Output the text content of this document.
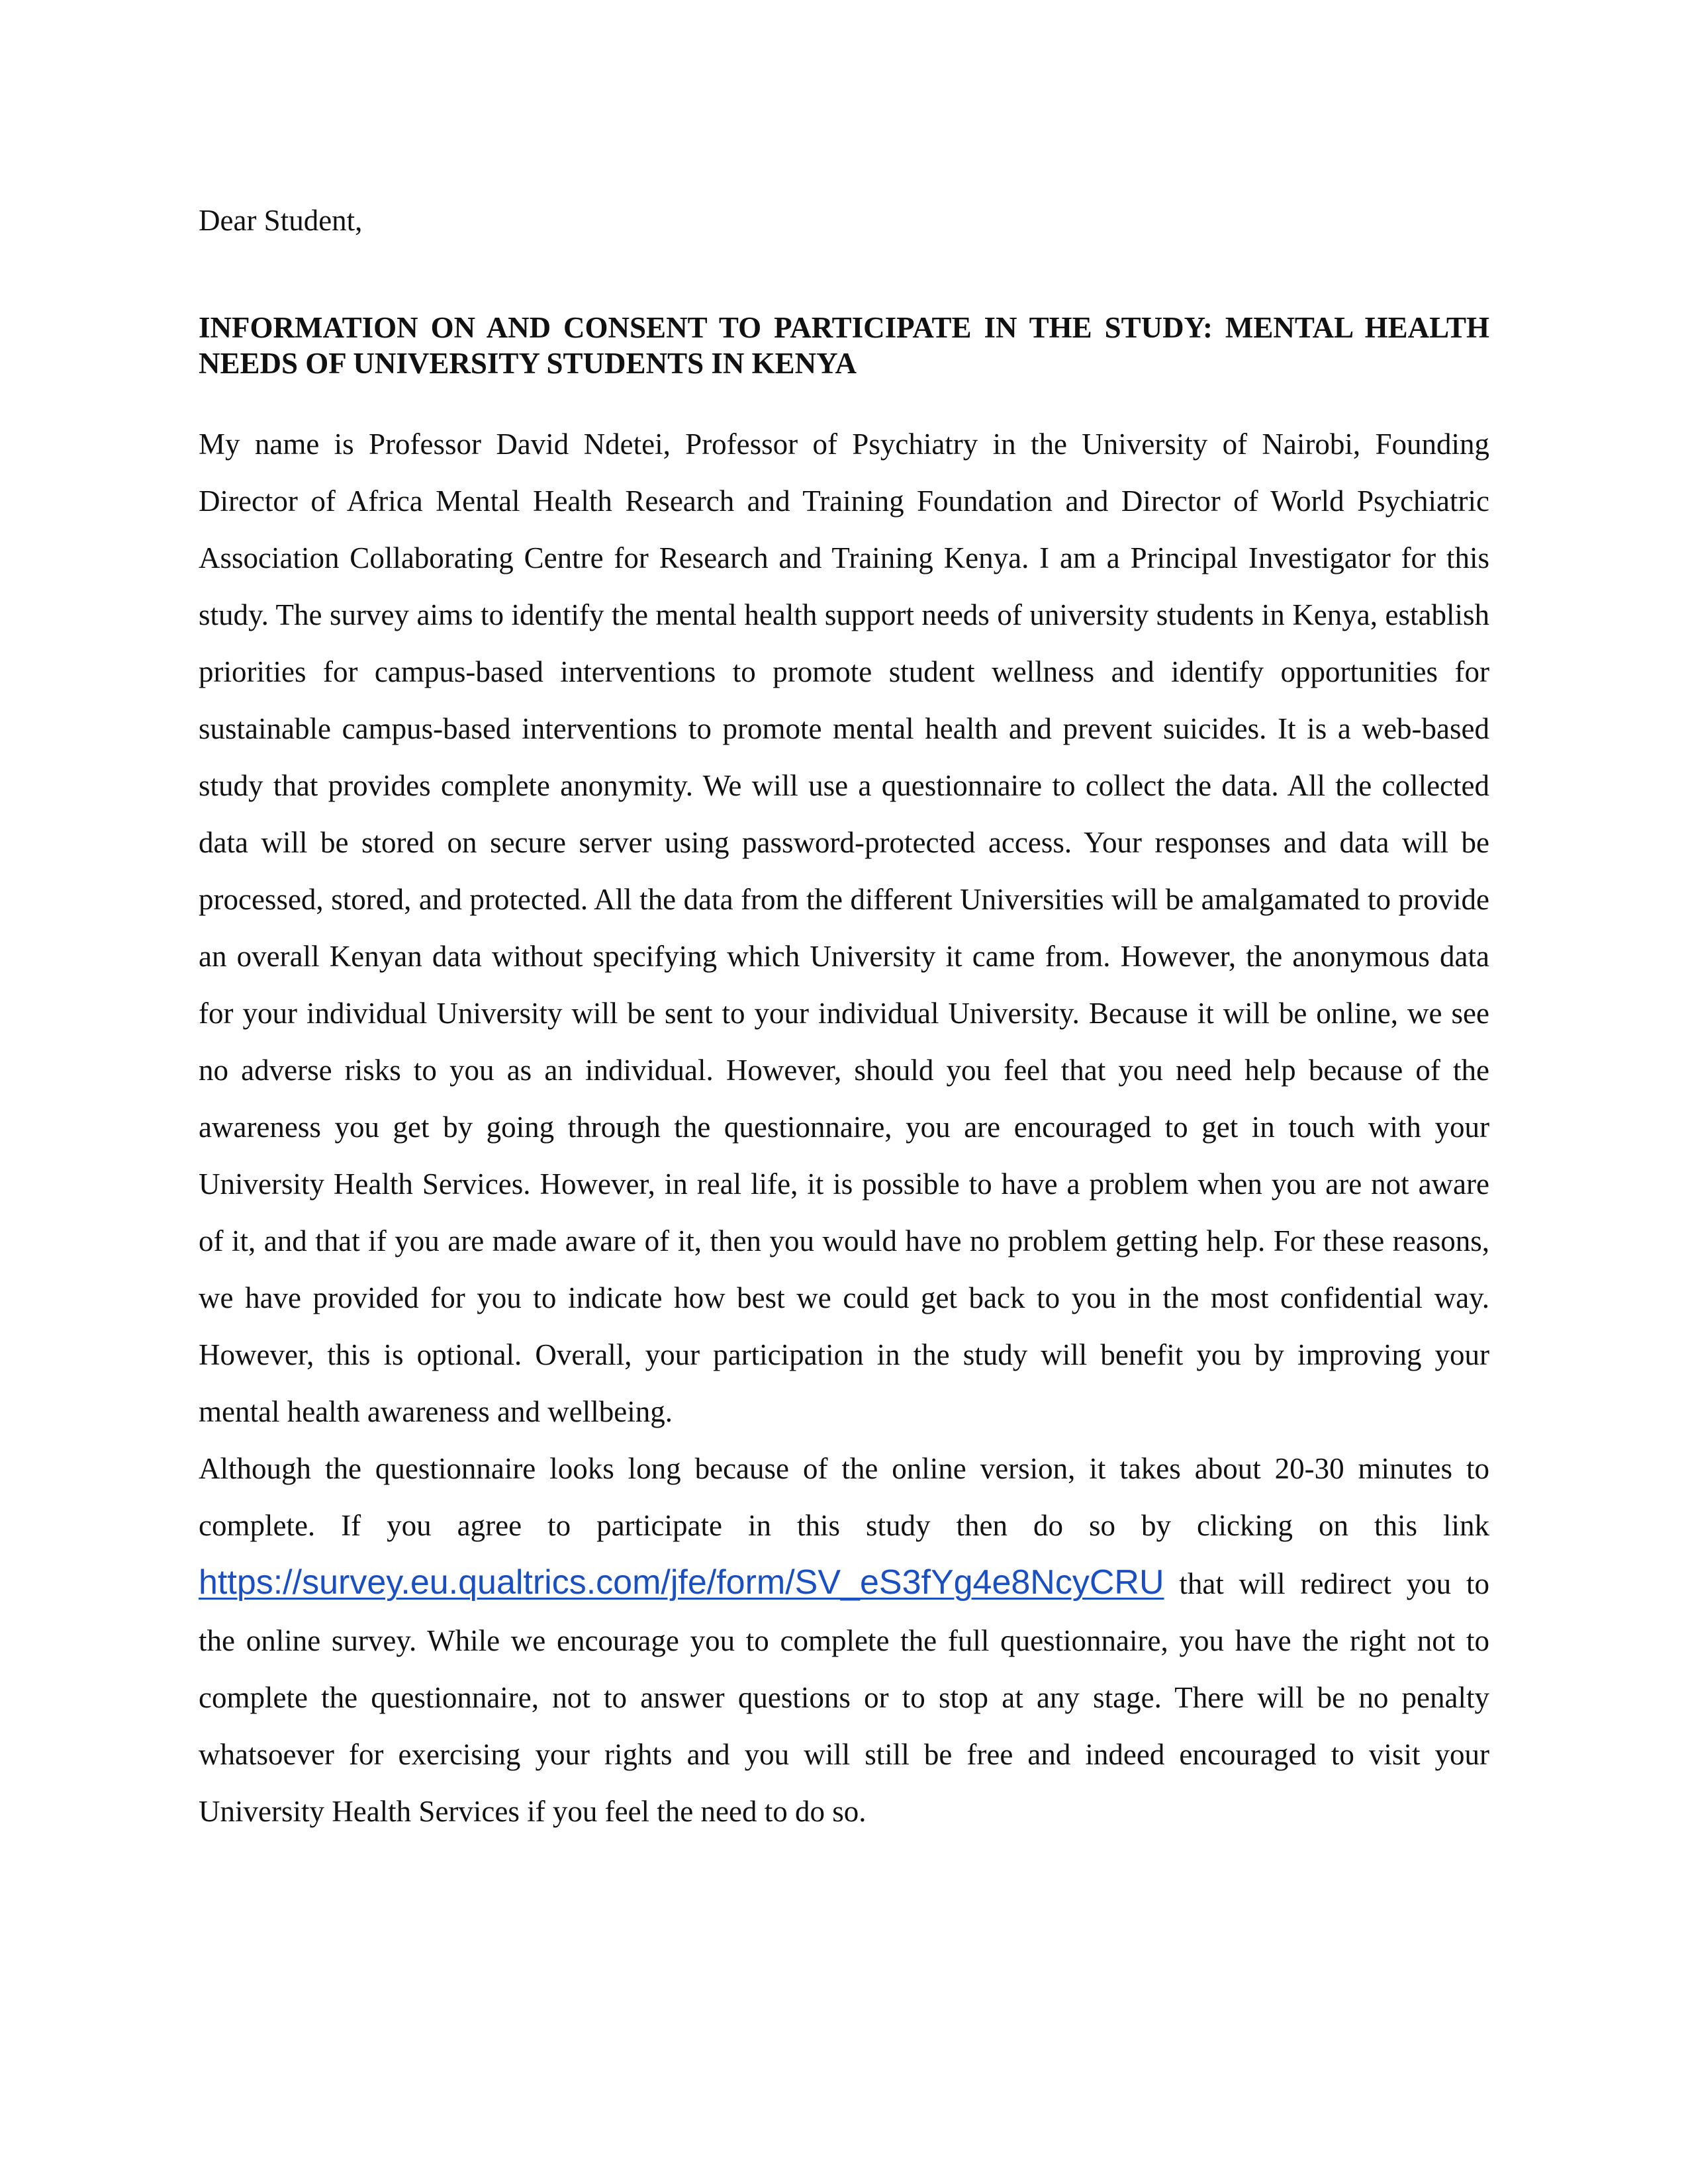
Dear Student,

INFORMATION ON AND CONSENT TO PARTICIPATE IN THE STUDY: MENTAL HEALTH NEEDS OF UNIVERSITY STUDENTS IN KENYA

My name is Professor David Ndetei, Professor of Psychiatry in the University of Nairobi, Founding Director of Africa Mental Health Research and Training Foundation and Director of World Psychiatric Association Collaborating Centre for Research and Training Kenya. I am a Principal Investigator for this study. The survey aims to identify the mental health support needs of university students in Kenya, establish priorities for campus-based interventions to promote student wellness and identify opportunities for sustainable campus-based interventions to promote mental health and prevent suicides. It is a web-based study that provides complete anonymity. We will use a questionnaire to collect the data. All the collected data will be stored on secure server using password-protected access. Your responses and data will be processed, stored, and protected. All the data from the different Universities will be amalgamated to provide an overall Kenyan data without specifying which University it came from. However, the anonymous data for your individual University will be sent to your individual University. Because it will be online, we see no adverse risks to you as an individual. However, should you feel that you need help because of the awareness you get by going through the questionnaire, you are encouraged to get in touch with your University Health Services. However, in real life, it is possible to have a problem when you are not aware of it, and that if you are made aware of it, then you would have no problem getting help. For these reasons, we have provided for you to indicate how best we could get back to you in the most confidential way. However, this is optional. Overall, your participation in the study will benefit you by improving your mental health awareness and wellbeing.

Although the questionnaire looks long because of the online version, it takes about 20-30 minutes to complete. If you agree to participate in this study then do so by clicking on this link https://survey.eu.qualtrics.com/jfe/form/SV_eS3fYg4e8NcyCRU that will redirect you to the online survey. While we encourage you to complete the full questionnaire, you have the right not to complete the questionnaire, not to answer questions or to stop at any stage. There will be no penalty whatsoever for exercising your rights and you will still be free and indeed encouraged to visit your University Health Services if you feel the need to do so.
